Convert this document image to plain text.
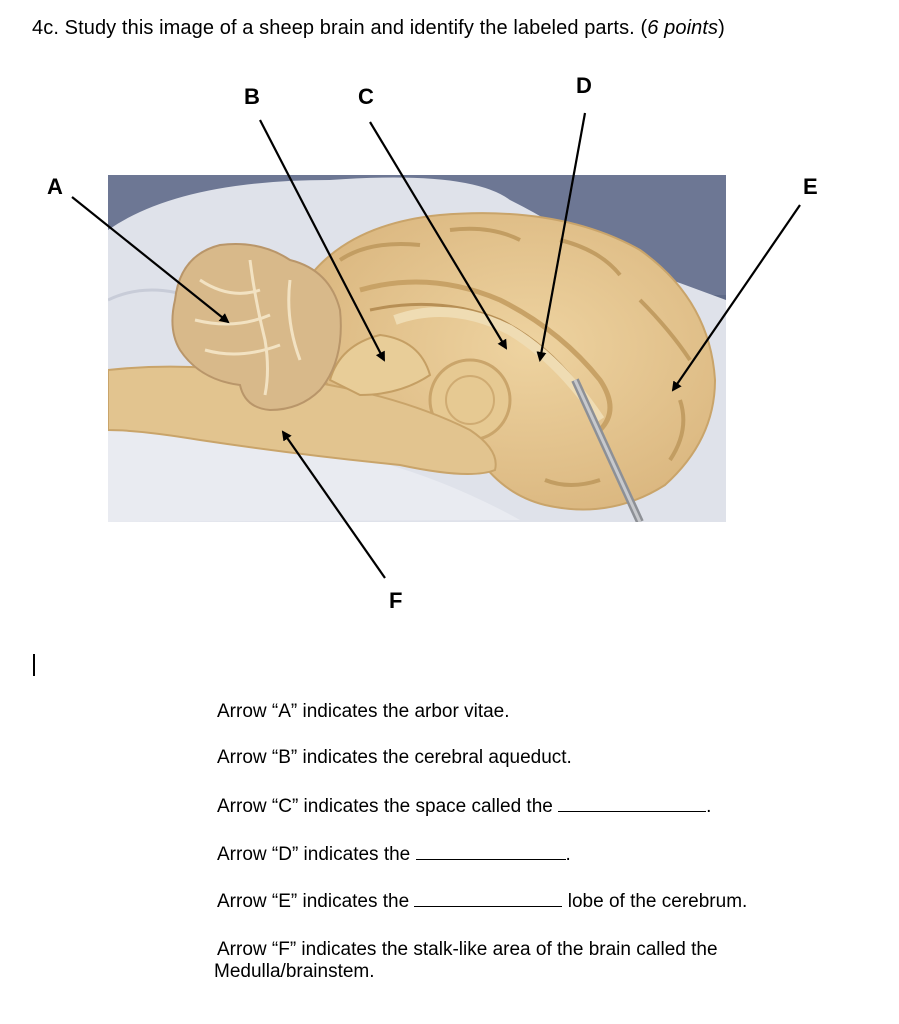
4c. Study this image of a sheep brain and identify the labeled parts. (6 points)
A
B	C	D
E
F
Arrow “A” indicates the arbor vitae.
Arrow “B” indicates the cerebral aqueduct.
Arrow “C” indicates the space called the	.
Arrow “D” indicates the	.
Arrow “E” indicates the	lobe of the cerebrum.
Arrow “F” indicates the stalk-like area of the brain called the
Medulla/brainstem.
